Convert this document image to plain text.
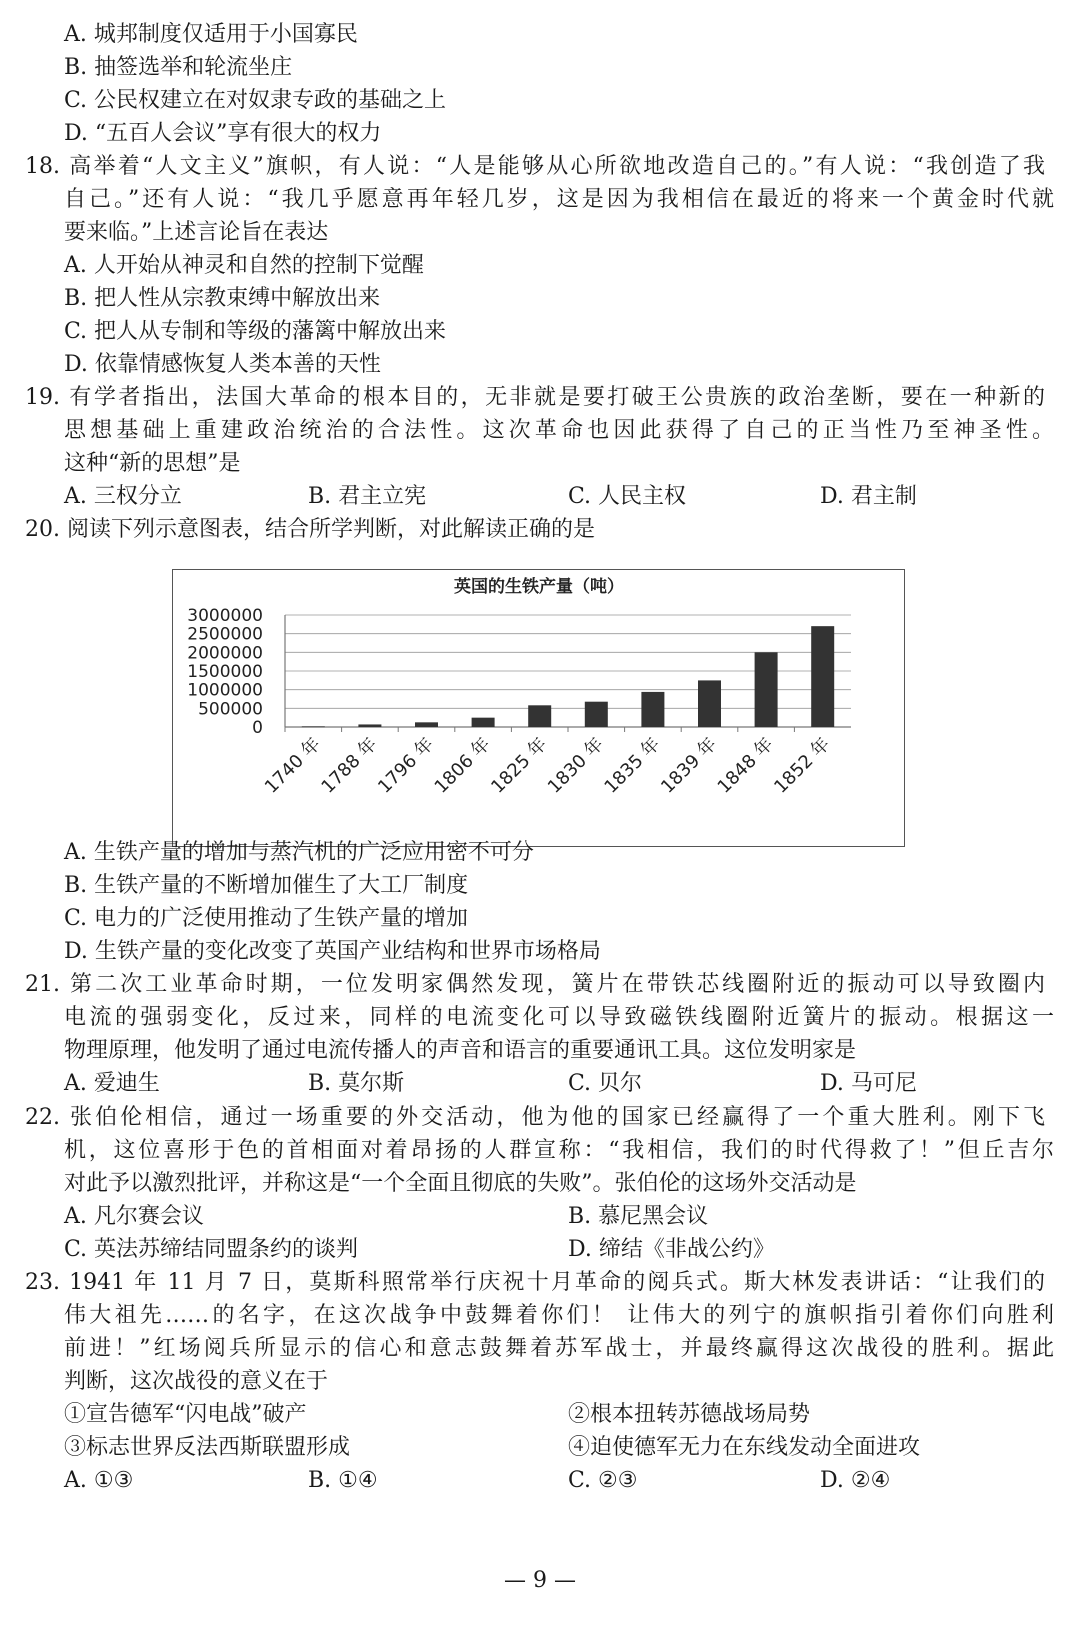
A. 城邦制度仅适用于小国寡民
B. 抽签选举和轮流坐庄
C. 公民权建立在对奴隶专政的基础之上
D. “五百人会议”享有很大的权力
18. 高举着“人文主义”旗帜，有人说：“人是能够从心所欲地改造自己的。”有人说：“我创造了我
自己。”还有人说：“我几乎愿意再年轻几岁，这是因为我相信在最近的将来一个黄金时代就
要来临。”上述言论旨在表达
A. 人开始从神灵和自然的控制下觉醒
B. 把人性从宗教束缚中解放出来
C. 把人从专制和等级的藩篱中解放出来
D. 依靠情感恢复人类本善的天性
19. 有学者指出，法国大革命的根本目的，无非就是要打破王公贵族的政治垄断，要在一种新的
思想基础上重建政治统治的合法性。这次革命也因此获得了自己的正当性乃至神圣性。
这种“新的思想”是
A. 三权分立	B. 君主立宪	C. 人民主权	D. 君主制
20. 阅读下列示意图表，结合所学判断，对此解读正确的是
英国的生铁产量（吨）
3000000
2500000
2000000
1500000
1000000
500000
0
1740 年
1788 年
1796 年
1806 年
1825 年
1830 年
1835 年
1839 年
1848 年
1852 年
A. 生铁产量的增加与蒸汽机的广泛应用密不可分
B. 生铁产量的不断增加催生了大工厂制度
C. 电力的广泛使用推动了生铁产量的增加
D. 生铁产量的变化改变了英国产业结构和世界市场格局
21. 第二次工业革命时期，一位发明家偶然发现，簧片在带铁芯线圈附近的振动可以导致圈内
电流的强弱变化，反过来，同样的电流变化可以导致磁铁线圈附近簧片的振动。根据这一
物理原理，他发明了通过电流传播人的声音和语言的重要通讯工具。这位发明家是
A. 爱迪生	B. 莫尔斯	C. 贝尔	D. 马可尼
22. 张伯伦相信，通过一场重要的外交活动，他为他的国家已经赢得了一个重大胜利。刚下飞
机，这位喜形于色的首相面对着昂扬的人群宣称：“我相信，我们的时代得救了！”但丘吉尔
对此予以激烈批评，并称这是“一个全面且彻底的失败”。张伯伦的这场外交活动是
A. 凡尔赛会议	B. 慕尼黑会议
C. 英法苏缔结同盟条约的谈判	D. 缔结《非战公约》
23. 1941 年 11 月 7 日，莫斯科照常举行庆祝十月革命的阅兵式。斯大林发表讲话：“让我们的
伟大祖先……的名字，在这次战争中鼓舞着你们！ 让伟大的列宁的旗帜指引着你们向胜利
前进！”红场阅兵所显示的信心和意志鼓舞着苏军战士，并最终赢得这次战役的胜利。据此
判断，这次战役的意义在于
①宣告德军“闪电战”破产	②根本扭转苏德战场局势
③标志世界反法西斯联盟形成	④迫使德军无力在东线发动全面进攻
A. ①③	B. ①④	C. ②③	D. ②④
— 9 —
